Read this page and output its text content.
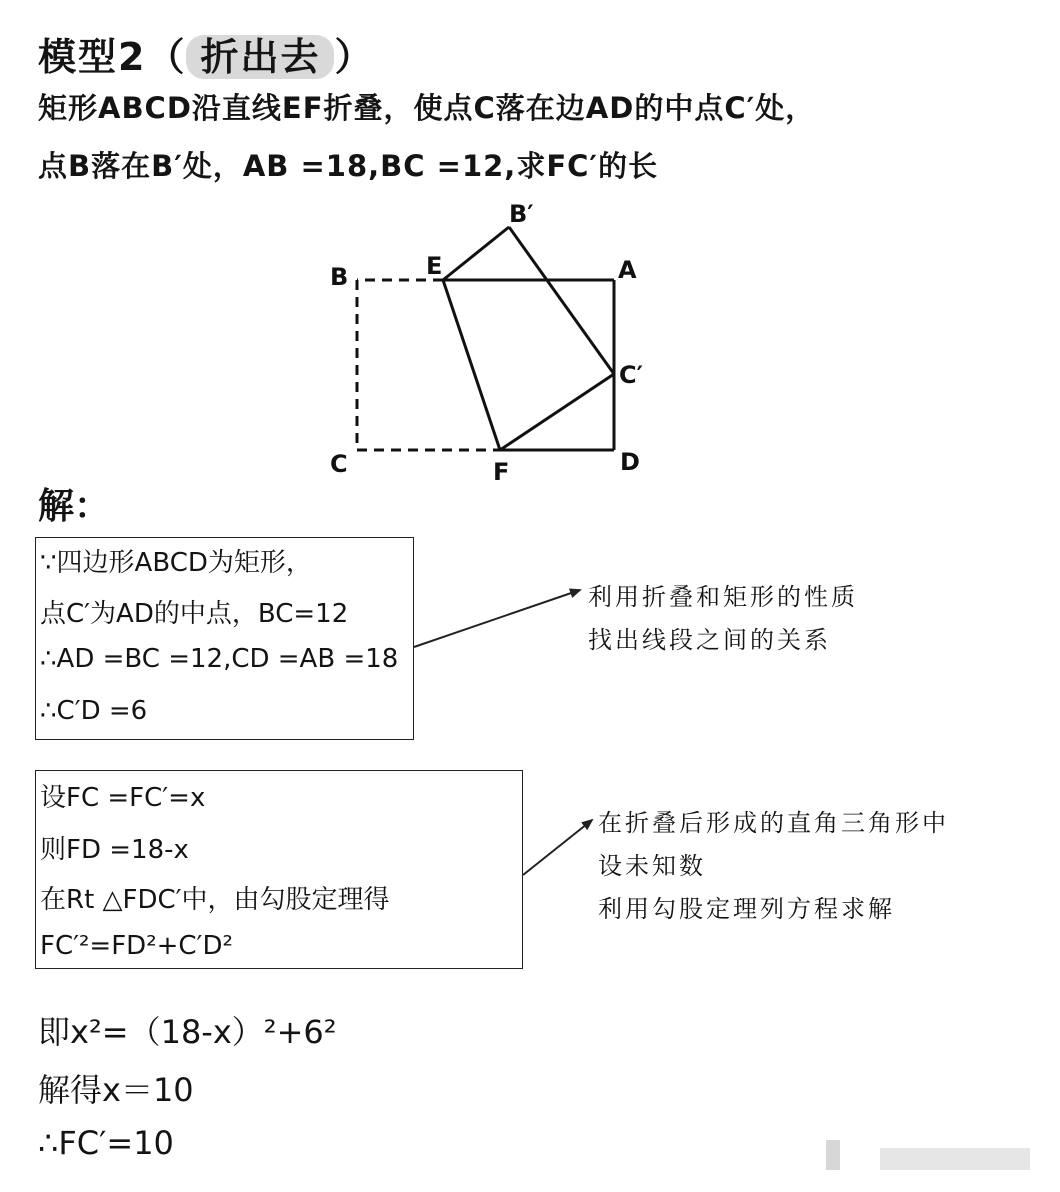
模型2（ 折出去 ）
矩形ABCD沿直线EF折叠，使点C落在边AD的中点C′处，
点B落在B′处，AB =18,BC =12,求FC′的长
B′
B	E	A
C′
C	F	D
解：
∵四边形ABCD为矩形，
点C′为AD的中点，BC=12
∴AD =BC =12,CD =AB =18
∴C′D =6
利用折叠和矩形的性质
找出线段之间的关系
设FC =FC′=x
则FD =18-x
在Rt △FDC′中，由勾股定理得
FC′²=FD²+C′D²
在折叠后形成的直角三角形中
设未知数
利用勾股定理列方程求解
即x²=（18-x）²+6²
解得x＝10
∴FC′=10
